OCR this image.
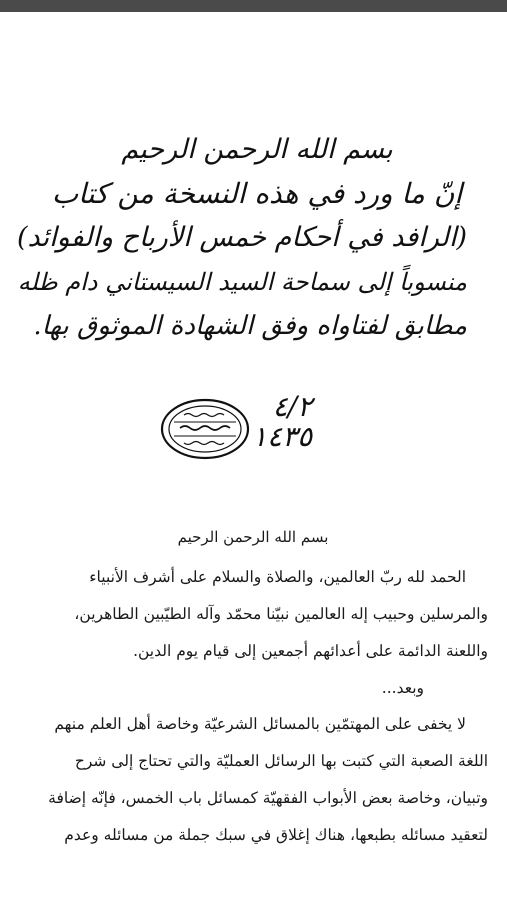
بسم الله الرحمن الرحيم
إنّ ما ورد في هذه النسخة من كتاب
(الرافد في أحكام خمس الأرباح والفوائد)
منسوباً إلى سماحة السيد السيستاني دام ظله
مطابق لفتاواه وفق الشهادة الموثوق بها.
٤/٢
١٤٣٥

بسم الله الرحمن الرحيم

الحمد لله ربّ العالمين، والصلاة والسلام على أشرف الأنبياء
والمرسلين وحبيب إله العالمين نبيّنا محمّد وآله الطيّبين الطاهرين،
واللعنة الدائمة على أعدائهم أجمعين إلى قيام يوم الدين.

وبعد...

لا يخفى على المهتمّين بالمسائل الشرعيّة وخاصة أهل العلم منهم
اللغة الصعبة التي كتبت بها الرسائل العمليّة والتي تحتاج إلى شرح
وتبيان، وخاصة بعض الأبواب الفقهيّة كمسائل باب الخمس، فإنّه إضافة
لتعقيد مسائله بطبعها، هناك إغلاق في سبك جملة من مسائله وعدم
